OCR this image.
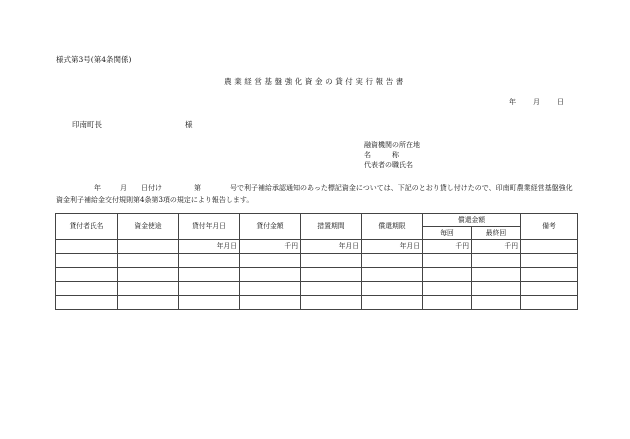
様式第3号(第4条関係)
農業経営基盤強化資金の貸付実行報告書
年 月 日
印南町長	様
融資機関の所在地
名　　　称
代表者の職氏名
年	月 日付け	第	号で利子補給承認通知のあった標記資金については、下記のとおり貸し付けたので、印南町農業経営基盤強化資金利子補給金交付規則第4条第3項の規定により報告します。
貸付者氏名	資金使途	貸付年月日	貸付金額	措置期間	償還期限	償還金額		備考
						毎回	最終回	
		年月日	千円	年月日	年月日	千円	千円	
